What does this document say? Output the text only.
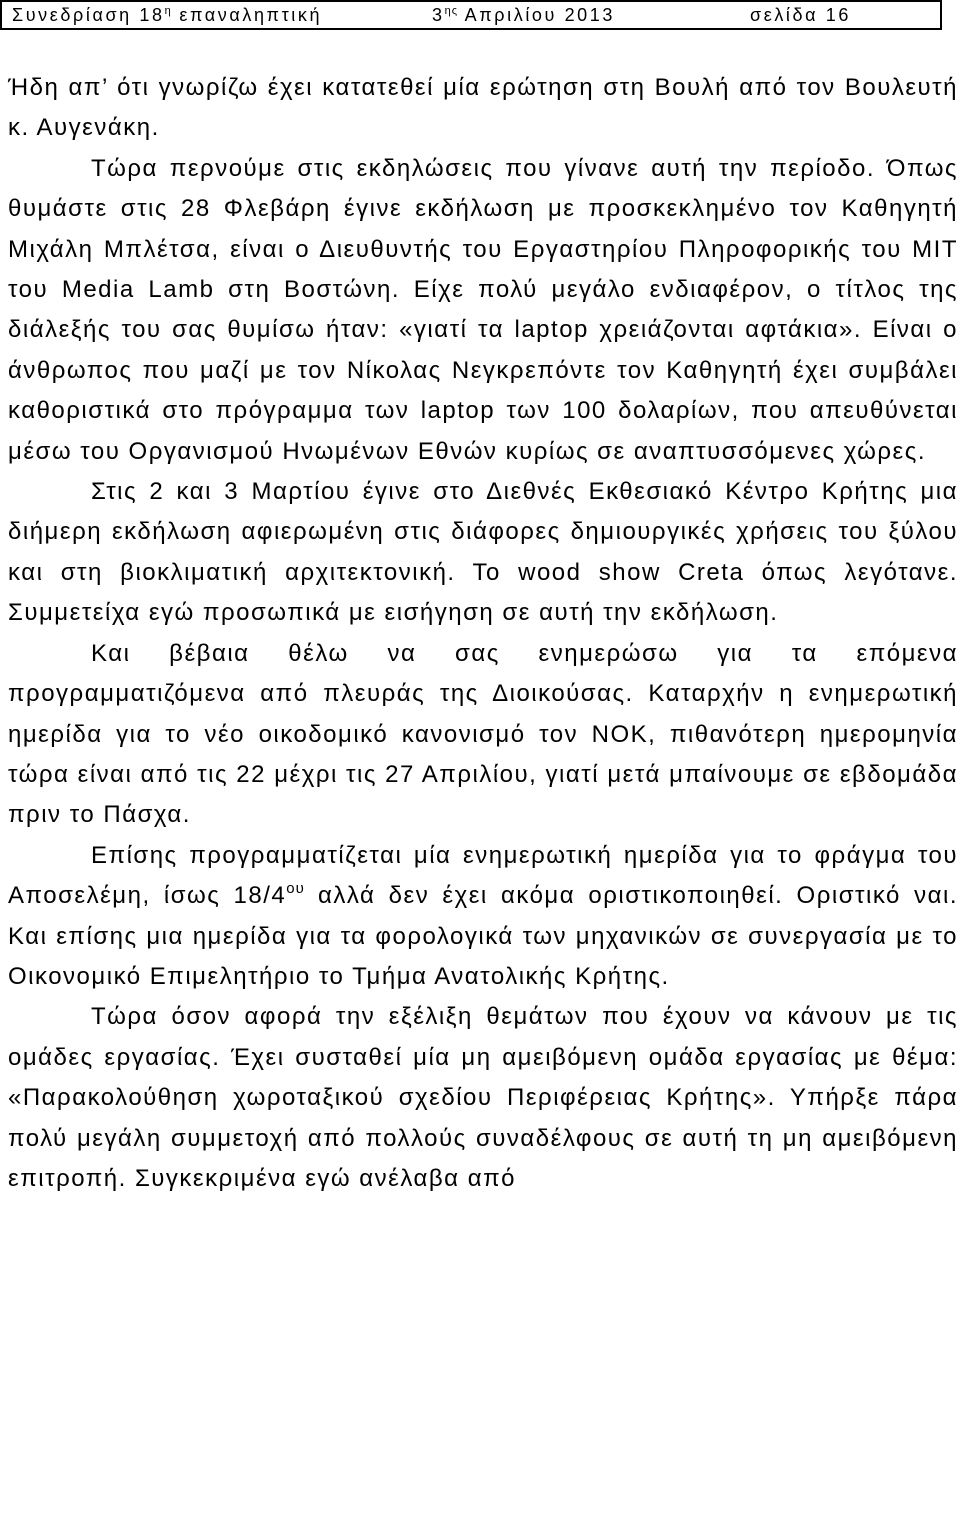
Συνεδρίαση $18^\eta$ επαναληπτική	$3^{\eta\varsigma}$ Απριλίου 2013	σελίδα 16

Ήδη απ’ ότι γνωρίζω έχει κατατεθεί μία ερώτηση στη Βουλή από τον Βουλευτή κ. Αυγενάκη.

Τώρα περνούμε στις εκδηλώσεις που γίνανε αυτή την περίοδο. Όπως θυμάστε στις 28 Φλεβάρη έγινε εκδήλωση με προσκεκλημένο τον Καθηγητή Μιχάλη Μπλέτσα, είναι ο Διευθυντής του Εργαστηρίου Πληροφορικής του MIT του Media Lamb στη Βοστώνη. Είχε πολύ μεγάλο ενδιαφέρον, ο τίτλος της διάλεξής του σας θυμίσω ήταν: «γιατί τα laptop χρειάζονται αφτάκια». Είναι ο άνθρωπος που μαζί με τον Νίκολας Νεγκρεπόντε τον Καθηγητή έχει συμβάλει καθοριστικά στο πρόγραμμα των laptop των 100 δολαρίων, που απευθύνεται μέσω του Οργανισμού Ηνωμένων Εθνών κυρίως σε αναπτυσσόμενες χώρες.

Στις 2 και 3 Μαρτίου έγινε στο Διεθνές Εκθεσιακό Κέντρο Κρήτης μια διήμερη εκδήλωση αφιερωμένη στις διάφορες δημιουργικές χρήσεις του ξύλου και στη βιοκλιματική αρχιτεκτονική. Το wood show Creta όπως λεγότανε. Συμμετείχα εγώ προσωπικά με εισήγηση σε αυτή την εκδήλωση.

Και βέβαια θέλω να σας ενημερώσω για τα επόμενα προγραμματιζόμενα από πλευράς της Διοικούσας. Καταρχήν η ενημερωτική ημερίδα για το νέο οικοδομικό κανονισμό τον ΝΟΚ, πιθανότερη ημερομηνία τώρα είναι από τις 22 μέχρι τις 27 Απριλίου, γιατί μετά μπαίνουμε σε εβδομάδα πριν το Πάσχα.

Επίσης προγραμματίζεται μία ενημερωτική ημερίδα για το φράγμα του Αποσελέμη, ίσως $18/4^{o\upsilon}$ αλλά δεν έχει ακόμα οριστικοποιηθεί. Οριστικό ναι. Και επίσης μια ημερίδα για τα φορολογικά των μηχανικών σε συνεργασία με το Οικονομικό Επιμελητήριο το Τμήμα Ανατολικής Κρήτης.

Τώρα όσον αφορά την εξέλιξη θεμάτων που έχουν να κάνουν με τις ομάδες εργασίας. Έχει συσταθεί μία μη αμειβόμενη ομάδα εργασίας με θέμα: «Παρακολούθηση χωροταξικού σχεδίου Περιφέρειας Κρήτης». Υπήρξε πάρα πολύ μεγάλη συμμετοχή από πολλούς συναδέλφους σε αυτή τη μη αμειβόμενη επιτροπή. Συγκεκριμένα εγώ ανέλαβα από
